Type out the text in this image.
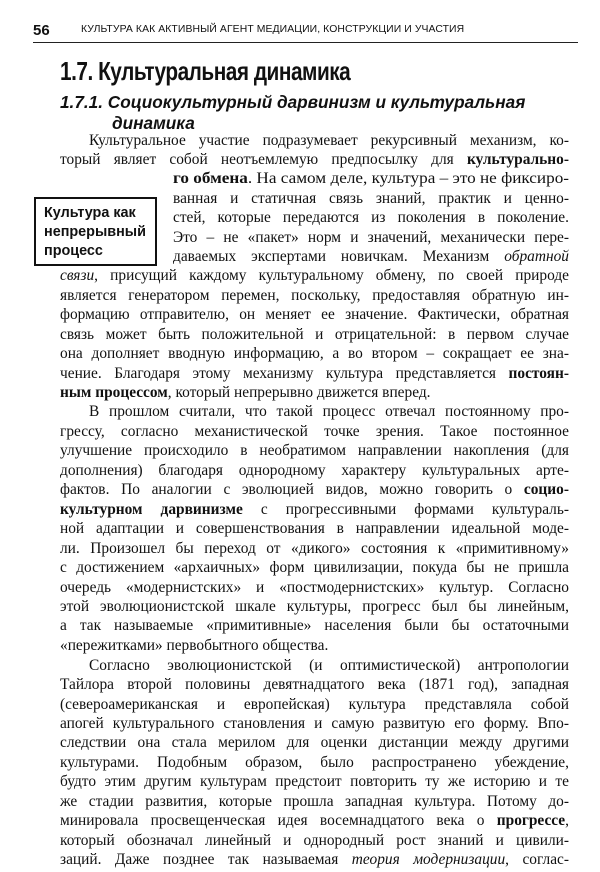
56	КУЛЬТУРА КАК АКТИВНЫЙ АГЕНТ МЕДИАЦИИ, КОНСТРУКЦИИ И УЧАСТИЯ
1.7. Культуральная динамика
1.7.1. Социокультурный дарвинизм и культуральная
динамика
Культура как непрерывный процесс
Культуральное участие подразумевает рекурсивный механизм, ко-
торый являет собой неотъемлемую предпосылку для культурально-
го обмена. На самом деле, культура – это не фиксиро-
ванная и статичная связь знаний, практик и ценно-
стей, которые передаются из поколения в поколение.
Это – не «пакет» норм и значений, механически пере-
даваемых экспертами новичкам. Механизм обратной
связи, присущий каждому культуральному обмену, по своей природе
является генератором перемен, поскольку, предоставляя обратную ин-
формацию отправителю, он меняет ее значение. Фактически, обратная
связь может быть положительной и отрицательной: в первом случае
она дополняет вводную информацию, а во втором – сокращает ее зна-
чение. Благодаря этому механизму культура представляется постоян-
ным процессом, который непрерывно движется вперед.
В прошлом считали, что такой процесс отвечал постоянному про-
грессу, согласно механистической точке зрения. Такое постоянное
улучшение происходило в необратимом направлении накопления (для
дополнения) благодаря однородному характеру культуральных арте-
фактов. По аналогии с эволюцией видов, можно говорить о социо-
культурном дарвинизме с прогрессивными формами культураль-
ной адаптации и совершенствования в направлении идеальной моде-
ли. Произошел бы переход от «дикого» состояния к «примитивному»
с достижением «архаичных» форм цивилизации, покуда бы не пришла
очередь «модернистских» и «постмодернистских» культур. Согласно
этой эволюционистской шкале культуры, прогресс был бы линейным,
а так называемые «примитивные» населения были бы остаточными
«пережитками» первобытного общества.
Согласно эволюционистской (и оптимистической) антропологии
Тайлора второй половины девятнадцатого века (1871 год), западная
(североамериканская и европейская) культура представляла собой
апогей культурального становления и самую развитую его форму. Впо-
следствии она стала мерилом для оценки дистанции между другими
культурами. Подобным образом, было распространено убеждение,
будто этим другим культурам предстоит повторить ту же историю и те
же стадии развития, которые прошла западная культура. Потому до-
минировала просвещенческая идея восемнадцатого века о прогрессе,
который обозначал линейный и однородный рост знаний и цивили-
заций. Даже позднее так называемая теория модернизации, соглас-
